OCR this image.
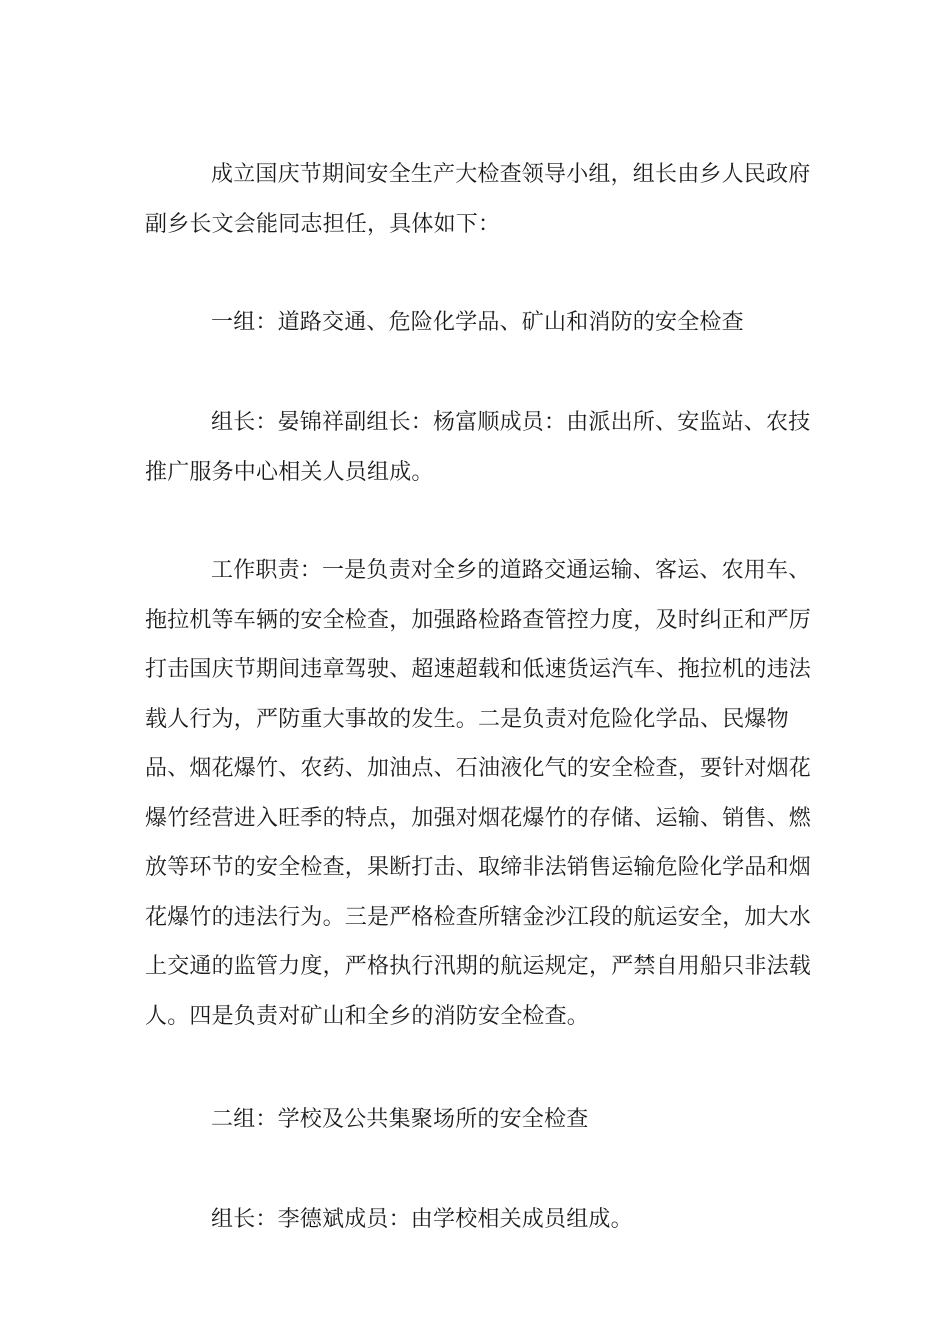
成立国庆节期间安全生产大检查领导小组，组长由乡人民政府副乡长文会能同志担任，具体如下：

一组：道路交通、危险化学品、矿山和消防的安全检查

组长：晏锦祥副组长：杨富顺成员：由派出所、安监站、农技推广服务中心相关人员组成。

工作职责：一是负责对全乡的道路交通运输、客运、农用车、拖拉机等车辆的安全检查，加强路检路查管控力度，及时纠正和严厉打击国庆节期间违章驾驶、超速超载和低速货运汽车、拖拉机的违法载人行为，严防重大事故的发生。二是负责对危险化学品、民爆物品、烟花爆竹、农药、加油点、石油液化气的安全检查，要针对烟花爆竹经营进入旺季的特点，加强对烟花爆竹的存储、运输、销售、燃放等环节的安全检查，果断打击、取缔非法销售运输危险化学品和烟花爆竹的违法行为。三是严格检查所辖金沙江段的航运安全，加大水上交通的监管力度，严格执行汛期的航运规定，严禁自用船只非法载人。四是负责对矿山和全乡的消防安全检查。

二组：学校及公共集聚场所的安全检查

组长：李德斌成员：由学校相关成员组成。
